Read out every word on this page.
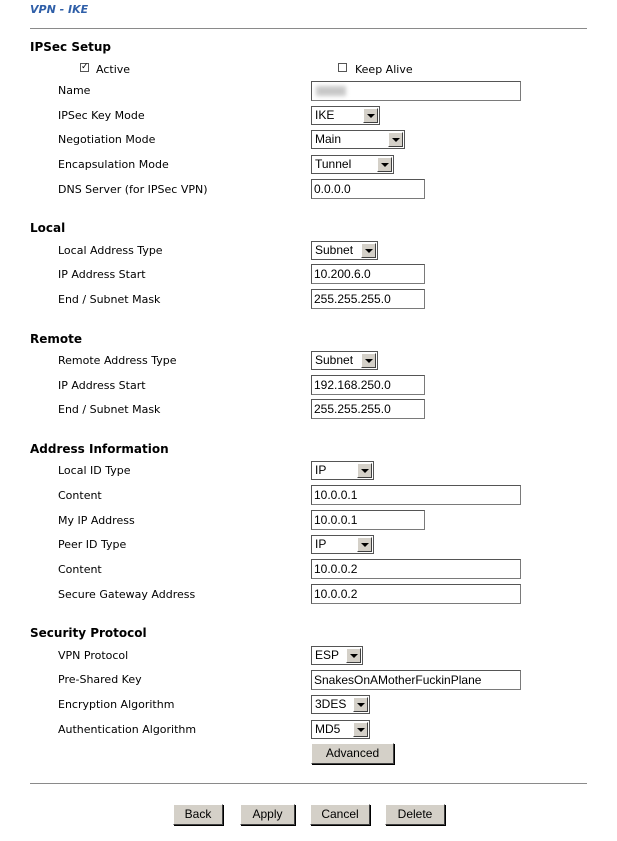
VPN - IKE
IPSec Setup
✓ Active	Keep Alive
Name
IPSec Key Mode	IKE
Negotiation Mode	Main
Encapsulation Mode	Tunnel
DNS Server (for IPSec VPN)	0.0.0.0
Local
Local Address Type	Subnet
IP Address Start	10.200.6.0
End / Subnet Mask	255.255.255.0
Remote
Remote Address Type	Subnet
IP Address Start	192.168.250.0
End / Subnet Mask	255.255.255.0
Address Information
Local ID Type	IP
Content	10.0.0.1
My IP Address	10.0.0.1
Peer ID Type	IP
Content	10.0.0.2
Secure Gateway Address	10.0.0.2
Security Protocol
VPN Protocol	ESP
Pre-Shared Key	SnakesOnAMotherFuckinPlane
Encryption Algorithm	3DES
Authentication Algorithm	MD5
Advanced
Back	Apply	Cancel	Delete
